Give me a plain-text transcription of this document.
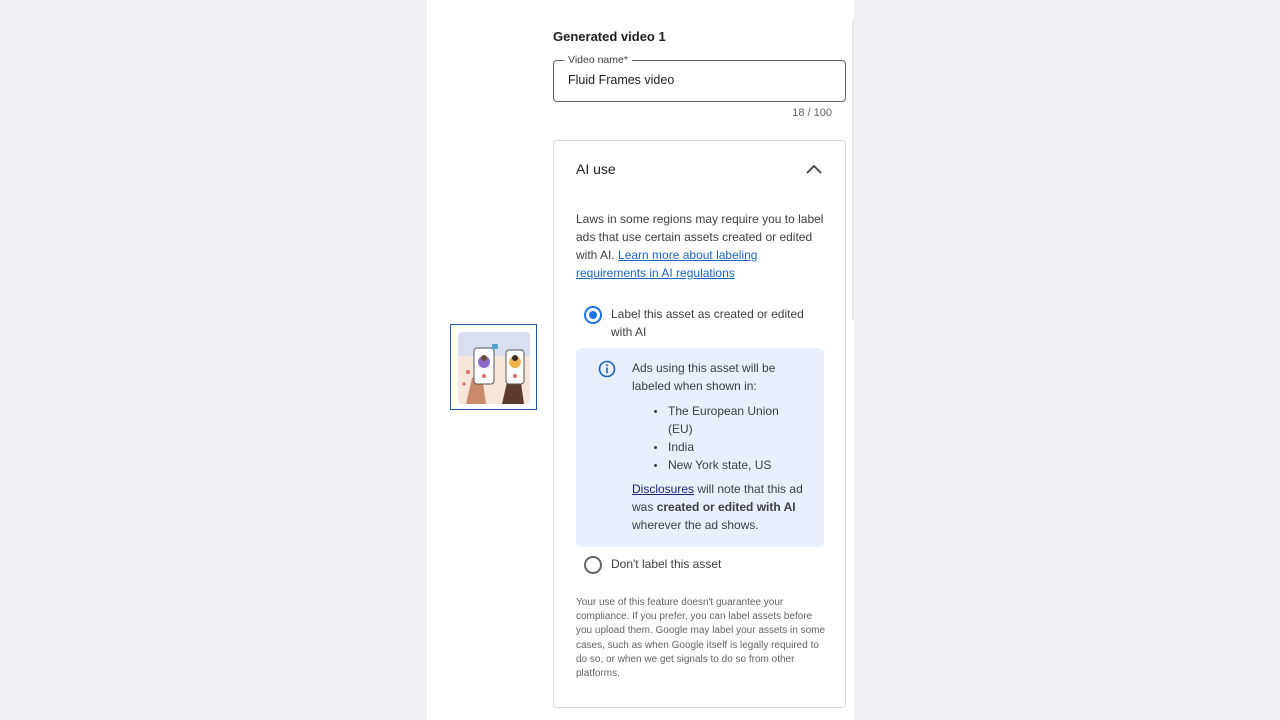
Generated video 1
Video name*
Fluid Frames video
18 / 100
AI use
Laws in some regions may require you to label ads that use certain assets created or edited with AI. Learn more about labeling requirements in AI regulations
Label this asset as created or edited with AI
Ads using this asset will be labeled when shown in:
The European Union (EU)
India
New York state, US
Disclosures will note that this ad was created or edited with AI wherever the ad shows.
Don't label this asset
Your use of this feature doesn't guarantee your compliance. If you prefer, you can label assets before you upload them. Google may label your assets in some cases, such as when Google itself is legally required to do so, or when we get signals to do so from other platforms.
